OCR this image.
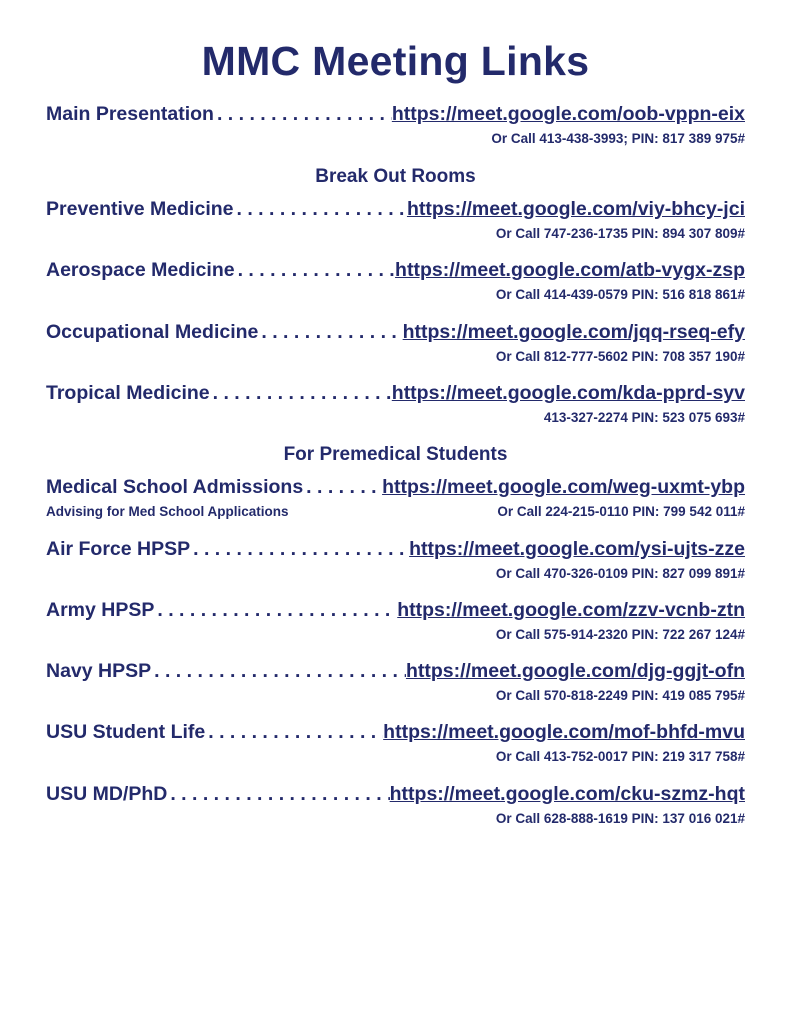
MMC Meeting Links
Main Presentation . . .	https://meet.google.com/oob-vppn-eix
Or Call 413-438-3993; PIN: 817 389 975#
Break Out Rooms
Preventive Medicine . . .	https://meet.google.com/viy-bhcy-jci
Or Call 747-236-1735 PIN: 894 307 809#
Aerospace Medicine . . .	https://meet.google.com/atb-vygx-zsp
Or Call 414-439-0579 PIN: 516 818 861#
Occupational Medicine . . .	https://meet.google.com/jqq-rseq-efy
Or Call 812-777-5602 PIN: 708 357 190#
Tropical Medicine . . .	https://meet.google.com/kda-pprd-syv
413-327-2274 PIN: 523 075 693#
For Premedical Students
Medical School Admissions . . .	https://meet.google.com/weg-uxmt-ybp
Advising for Med School Applications	Or Call 224-215-0110 PIN: 799 542 011#
Air Force HPSP . . .	https://meet.google.com/ysi-ujts-zze
Or Call 470-326-0109 PIN: 827 099 891#
Army HPSP . . .	https://meet.google.com/zzv-vcnb-ztn
Or Call 575-914-2320 PIN: 722 267 124#
Navy HPSP . . .	https://meet.google.com/djg-ggjt-ofn
Or Call 570-818-2249 PIN: 419 085 795#
USU Student Life . . .	https://meet.google.com/mof-bhfd-mvu
Or Call 413-752-0017 PIN: 219 317 758#
USU MD/PhD . . .	https://meet.google.com/cku-szmz-hqt
Or Call 628-888-1619 PIN: 137 016 021#
